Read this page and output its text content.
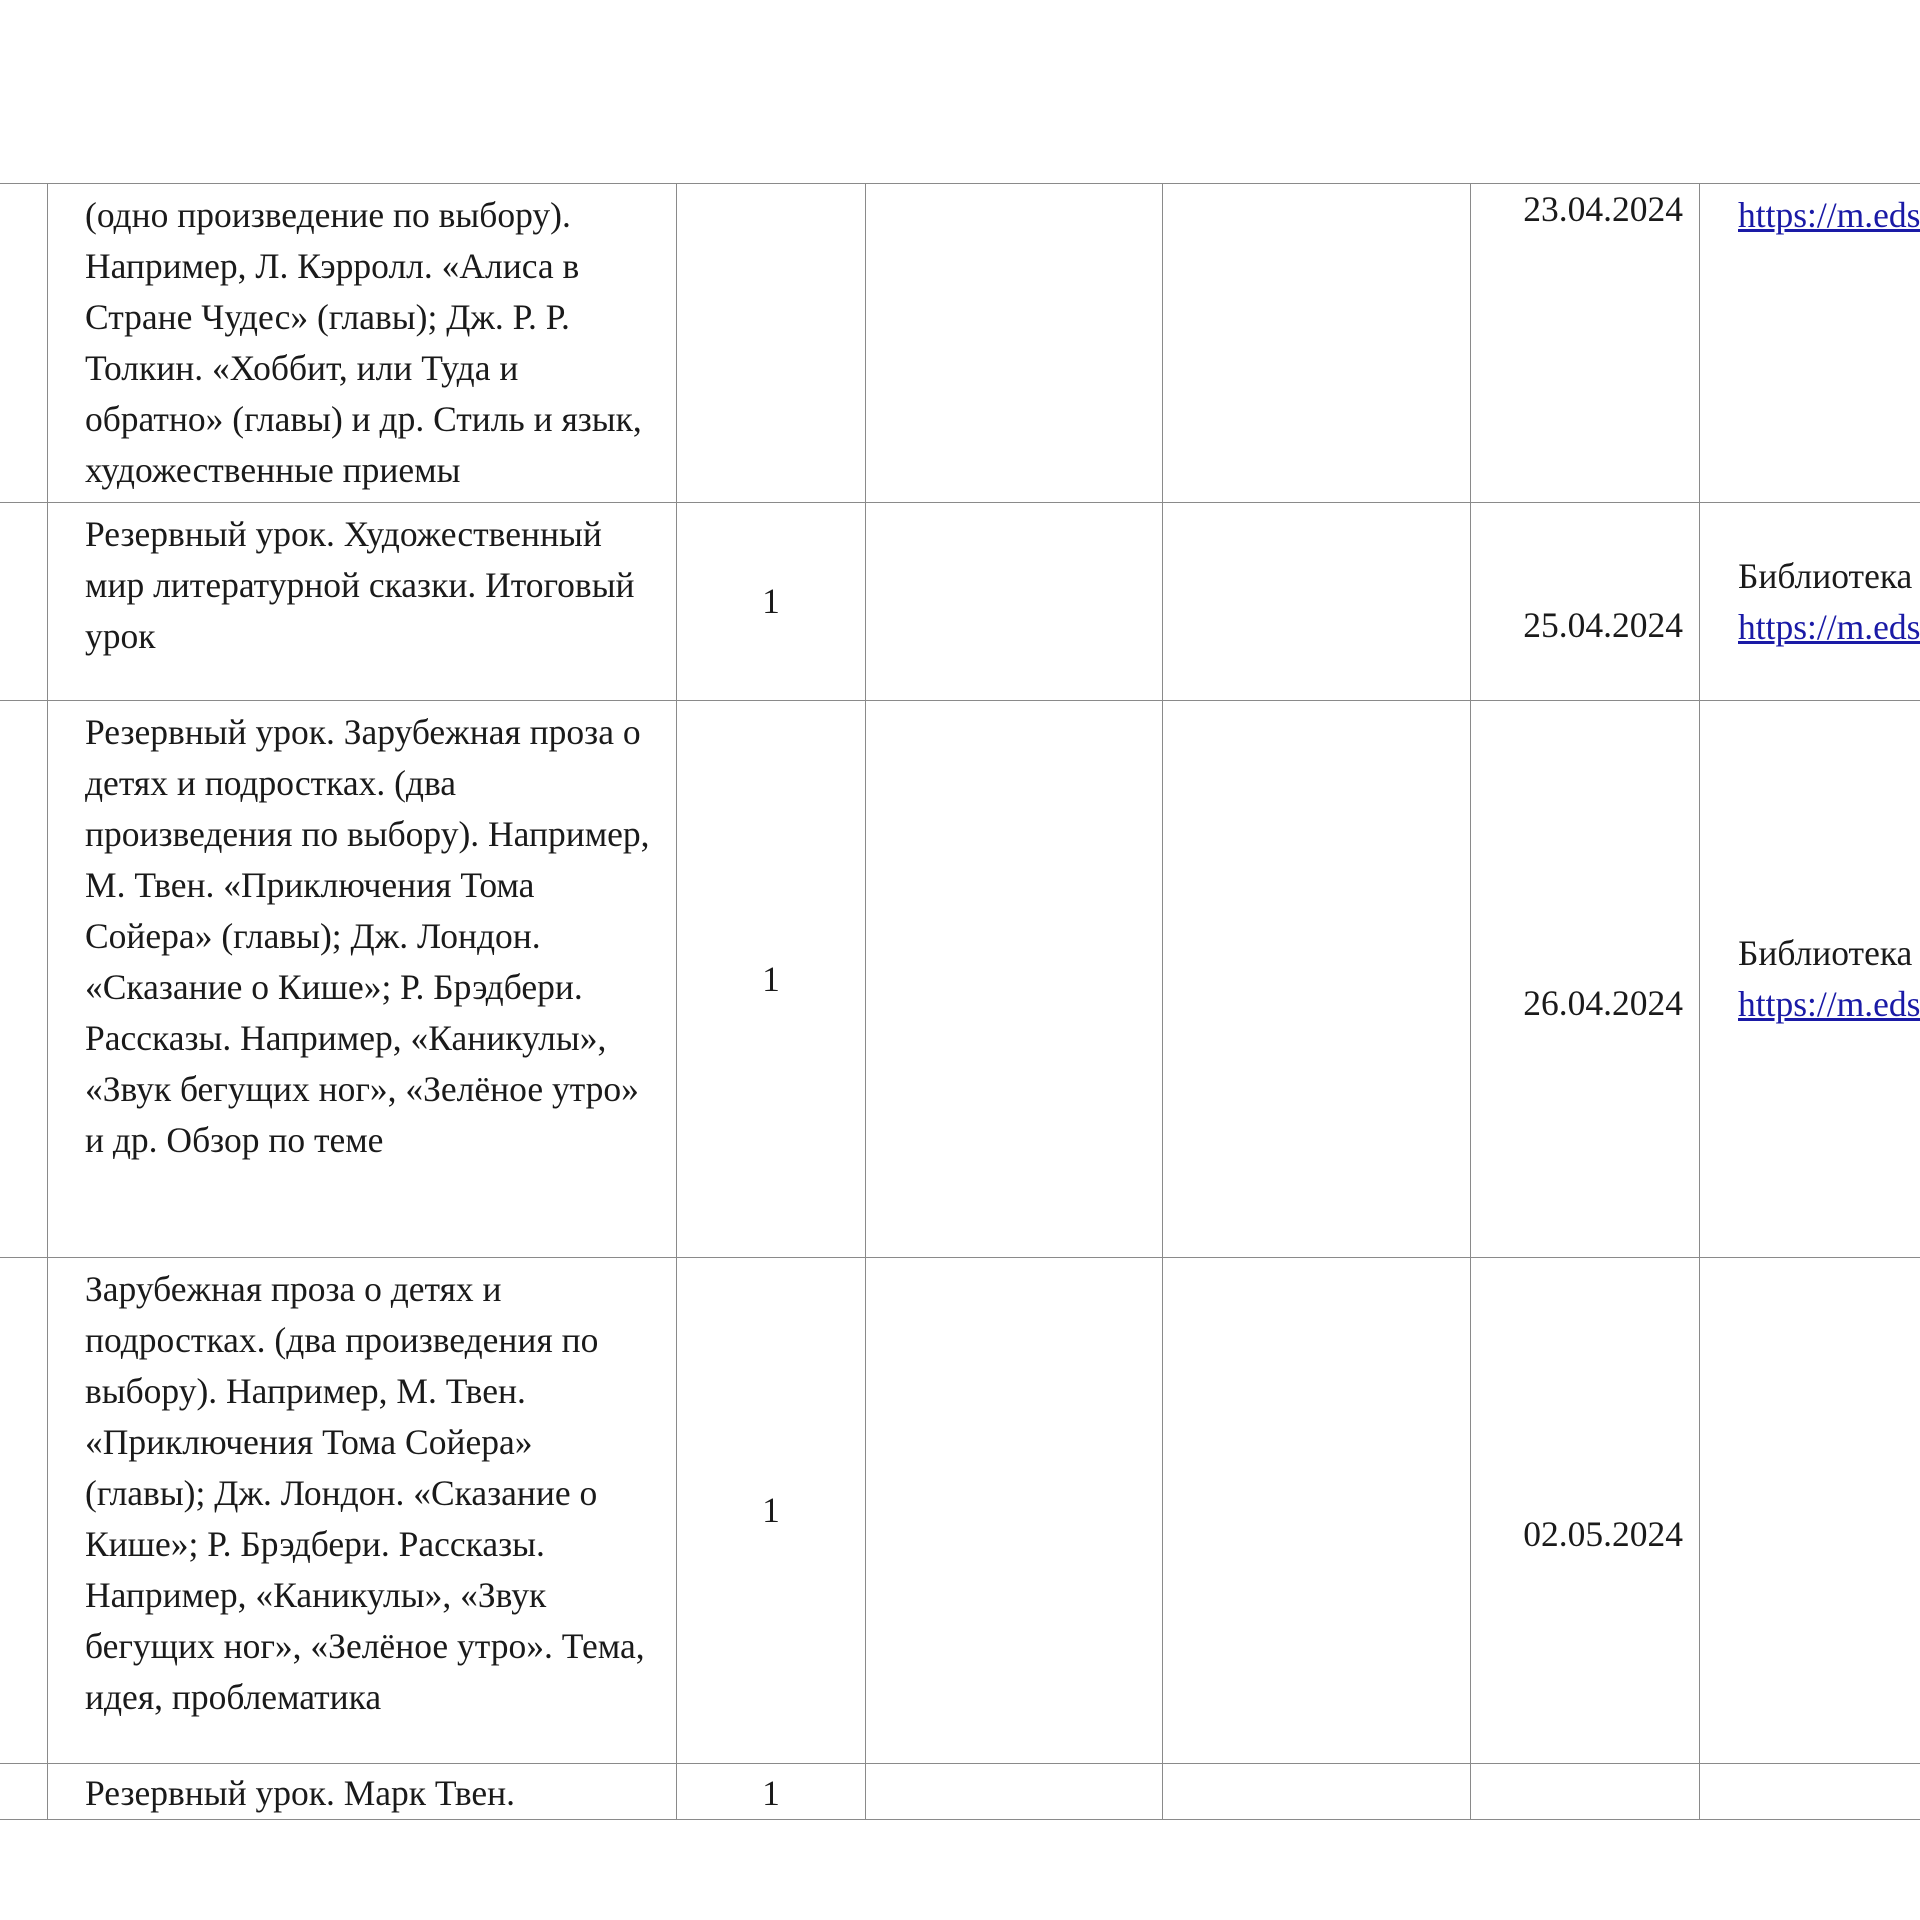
	(одно произведение по выбору). Например, Л. Кэрролл. «Алиса в Стране Чудес» (главы); Дж. Р. Р. Толкин. «Хоббит, или Туда и обратно» (главы) и др. Стиль и язык, художественные приемы				23.04.2024	https://m.eds

	Резервный урок. Художественный мир литературной сказки. Итоговый урок	1			25.04.2024	Библиотека
https://m.eds

	Резервный урок. Зарубежная проза о детях и подростках. (два произведения по выбору). Например, М. Твен. «Приключения Тома Сойера» (главы); Дж. Лондон. «Сказание о Кише»; Р. Брэдбери. Рассказы. Например, «Каникулы», «Звук бегущих ног», «Зелёное утро» и др. Обзор по теме	1			26.04.2024	Библиотека
https://m.eds

	Зарубежная проза о детях и подростках. (два произведения по выбору). Например, М. Твен. «Приключения Тома Сойера» (главы); Дж. Лондон. «Сказание о Кише»; Р. Брэдбери. Рассказы. Например, «Каникулы», «Звук бегущих ног», «Зелёное утро». Тема, идея, проблематика	1			02.05.2024	
	Резервный урок. Марк Твен.	1				
